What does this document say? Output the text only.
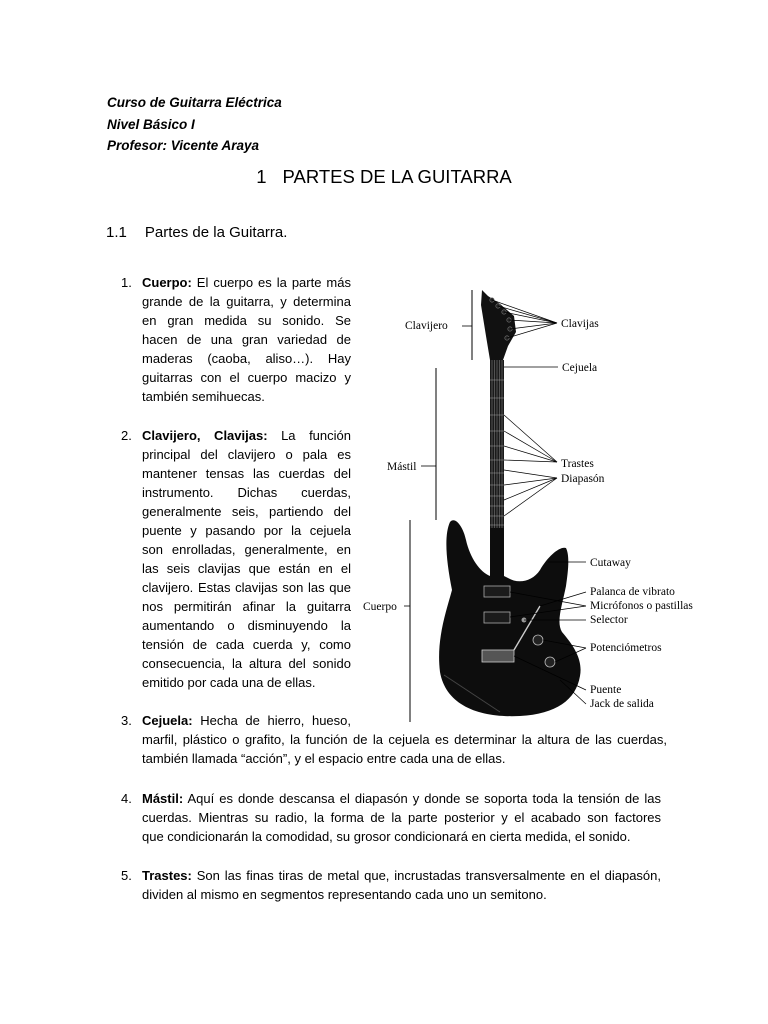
Curso de Guitarra Eléctrica
Nivel Básico I
Profesor: Vicente Araya
1 PARTES DE LA GUITARRA
1.1 Partes de la Guitarra.
1. Cuerpo: El cuerpo es la parte más
grande de la guitarra, y determina
en gran medida su sonido. Se
hacen de una gran variedad de
maderas (caoba, aliso…). Hay
guitarras con el cuerpo macizo y
también semihuecas.
2. Clavijero, Clavijas: La función
principal del clavijero o pala es
mantener tensas las cuerdas del
instrumento. Dichas cuerdas,
generalmente seis, partiendo del
puente y pasando por la cejuela
son enrolladas, generalmente, en
las seis clavijas que están en el
clavijero. Estas clavijas son las que
nos permitirán afinar la guitarra
aumentando o disminuyendo la
tensión de cada cuerda y, como
consecuencia, la altura del sonido
emitido por cada una de ellas.
3. Cejuela: Hecha de hierro, hueso,
marfil, plástico o grafito, la función de la cejuela es determinar la altura de las cuerdas,
también llamada “acción”, y el espacio entre cada una de ellas.
4. Mástil: Aquí es donde descansa el diapasón y donde se soporta toda la tensión de las
cuerdas. Mientras su radio, la forma de la parte posterior y el acabado son factores
que condicionarán la comodidad, su grosor condicionará en cierta medida, el sonido.
5. Trastes: Son las finas tiras de metal que, incrustadas transversalmente en el diapasón,
dividen al mismo en segmentos representando cada uno un semitono.
Clavijero	Clavijas
Cejuela
Mástil	Trastes
Diapasón
Cuerpo
Cutaway
Palanca de vibrato
Micrófonos o pastillas
Selector
Potenciómetros
Puente
Jack de salida
